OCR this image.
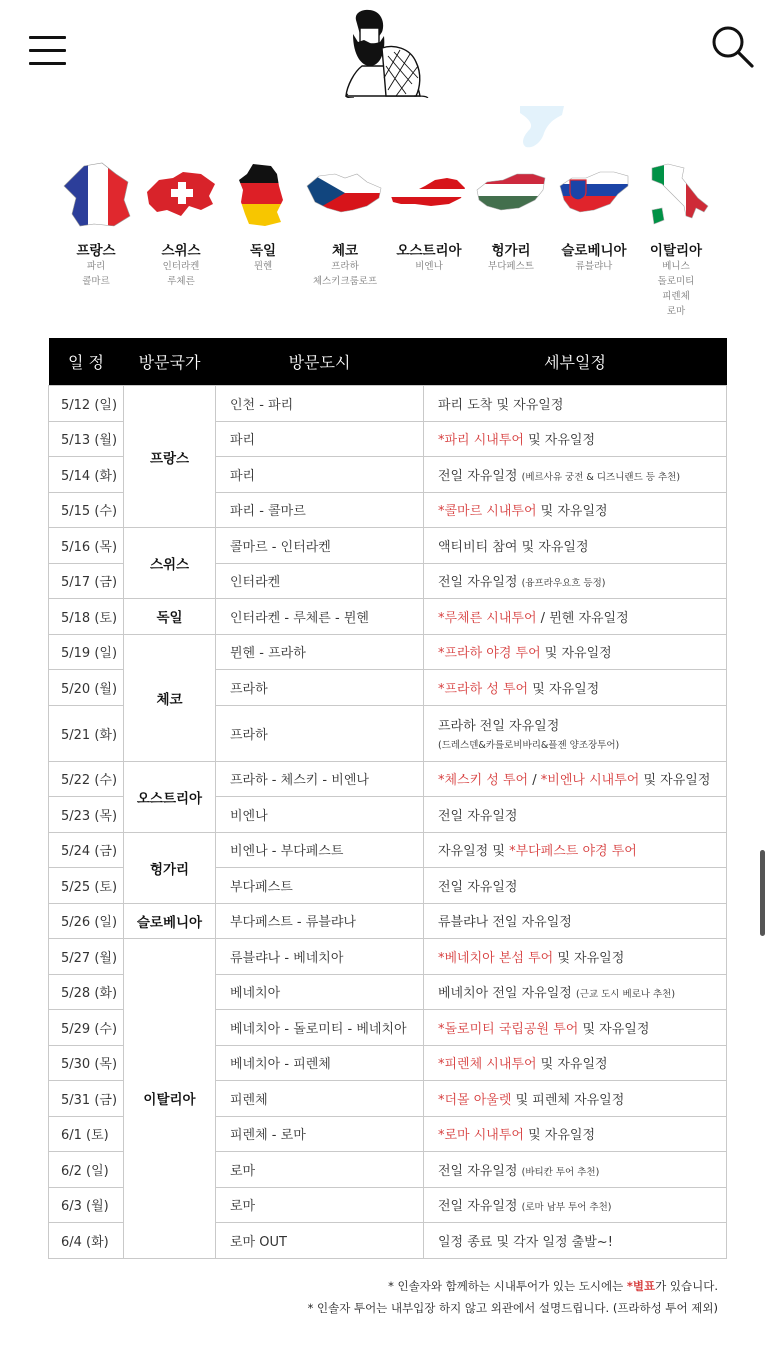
프랑스
파리
콜마르
스위스
인터라켄
루체른
독일
뮌헨
체코
프라하
체스키크룸로프
오스트리아
비엔나
헝가리
부다페스트
슬로베니아
류블랴나
이탈리아
베니스
돌로미티
피렌체
로마
일 정	방문국가	방문도시	세부일정
5/12 (일)	프랑스	인천 - 파리	파리 도착 및 자유일정
5/13 (월)		파리	*파리 시내투어 및 자유일정
5/14 (화)		파리	전일 자유일정 (베르사유 궁전 & 디즈니랜드 등 추천)
5/15 (수)		파리 - 콜마르	*콜마르 시내투어 및 자유일정
5/16 (목)	스위스	콜마르 - 인터라켄	액티비티 참여 및 자유일정
5/17 (금)		인터라켄	전일 자유일정 (융프라우요흐 등정)
5/18 (토)	독일	인터라켄 - 루체른 - 뮌헨	*루체른 시내투어 / 뮌헨 자유일정
5/19 (일)	체코	뮌헨 - 프라하	*프라하 야경 투어 및 자유일정
5/20 (월)		프라하	*프라하 성 투어 및 자유일정
5/21 (화)		프라하	프라하 전일 자유일정
(드레스덴&카를로비바리&플젠 양조장투어)

5/22 (수)	오스트리아	프라하 - 체스키 - 비엔나	*체스키 성 투어 / *비엔나 시내투어 및 자유일정
5/23 (목)		비엔나	전일 자유일정
5/24 (금)	헝가리	비엔나 - 부다페스트	자유일정 및 *부다페스트 야경 투어
5/25 (토)		부다페스트	전일 자유일정
5/26 (일)	슬로베니아	부다페스트 - 류블랴나	류블랴나 전일 자유일정
5/27 (월)	이탈리아	류블랴나 - 베네치아	*베네치아 본섬 투어 및 자유일정
5/28 (화)		베네치아	베네치아 전일 자유일정 (근교 도시 베로나 추천)
5/29 (수)		베네치아 - 돌로미티 - 베네치아	*돌로미티 국립공원 투어 및 자유일정
5/30 (목)		베네치아 - 피렌체	*피렌체 시내투어 및 자유일정
5/31 (금)		피렌체	*더몰 아울렛 및 피렌체 자유일정
6/1 (토)		피렌체 - 로마	*로마 시내투어 및 자유일정
6/2 (일)		로마	전일 자유일정 (바티칸 투어 추천)
6/3 (월)		로마	전일 자유일정 (로마 남부 투어 추천)
6/4 (화)		로마 OUT	일정 종료 및 각자 일정 출발~!
* 인솔자와 함께하는 시내투어가 있는 도시에는 *별표가 있습니다.
* 인솔자 투어는 내부입장 하지 않고 외관에서 설명드립니다. (프라하성 투어 제외)
